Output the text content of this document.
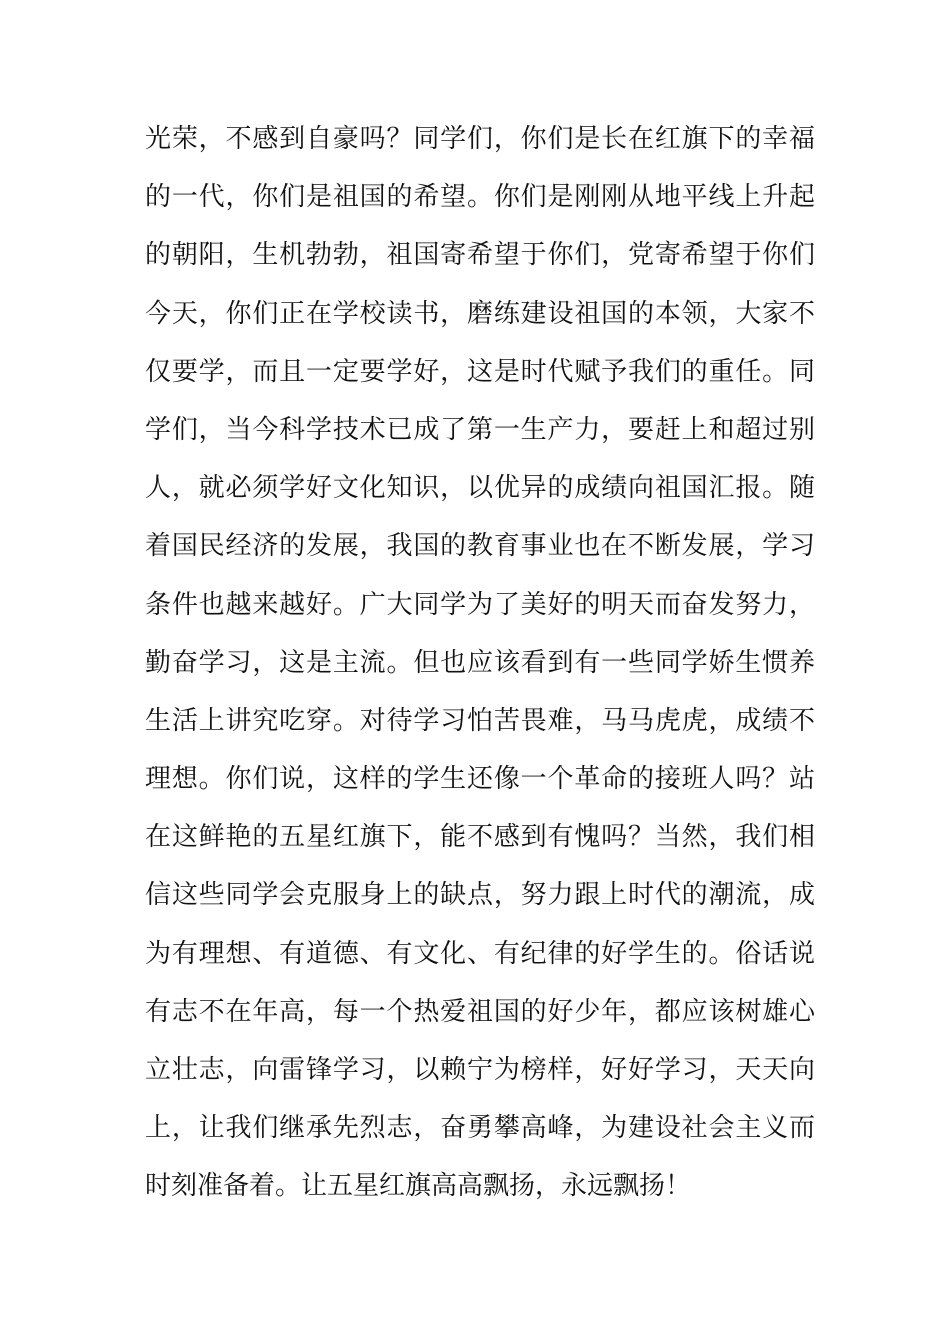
光荣，不感到自豪吗？同学们，你们是长在红旗下的幸福
的一代，你们是祖国的希望。你们是刚刚从地平线上升起
的朝阳，生机勃勃，祖国寄希望于你们，党寄希望于你们
今天，你们正在学校读书，磨练建设祖国的本领，大家不
仅要学，而且一定要学好，这是时代赋予我们的重任。同
学们，当今科学技术已成了第一生产力，要赶上和超过别
人，就必须学好文化知识，以优异的成绩向祖国汇报。随
着国民经济的发展，我国的教育事业也在不断发展，学习
条件也越来越好。广大同学为了美好的明天而奋发努力，
勤奋学习，这是主流。但也应该看到有一些同学娇生惯养
生活上讲究吃穿。对待学习怕苦畏难，马马虎虎，成绩不
理想。你们说，这样的学生还像一个革命的接班人吗？站
在这鲜艳的五星红旗下，能不感到有愧吗？当然，我们相
信这些同学会克服身上的缺点，努力跟上时代的潮流，成
为有理想、有道德、有文化、有纪律的好学生的。俗话说
有志不在年高，每一个热爱祖国的好少年，都应该树雄心
立壮志，向雷锋学习，以赖宁为榜样，好好学习，天天向
上，让我们继承先烈志，奋勇攀高峰，为建设社会主义而
时刻准备着。让五星红旗高高飘扬，永远飘扬！
